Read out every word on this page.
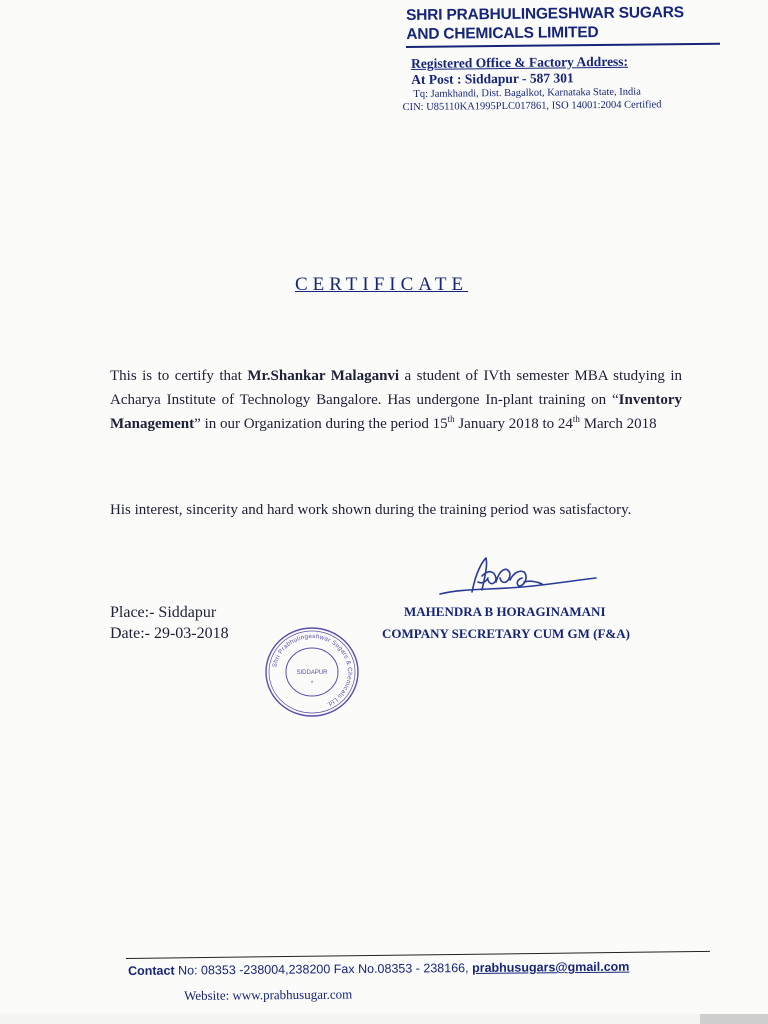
SHRI PRABHULINGESHWAR SUGARS
AND CHEMICALS LIMITED
Registered Office & Factory Address:
At Post : Siddapur - 587 301
Tq: Jamkhandi, Dist. Bagalkot, Karnataka State, India
CIN: U85110KA1995PLC017861, ISO 14001:2004 Certified
CERTIFICATE
This is to certify that Mr.Shankar Malaganvi a student of IVth semester MBA studying in Acharya Institute of Technology Bangalore. Has undergone In-plant training on “Inventory Management” in our Organization during the period 15th January 2018 to 24th March 2018
His interest, sincerity and hard work shown during the training period was satisfactory.
Place:- Siddapur
Date:- 29-03-2018
MAHENDRA B HORAGINAMANI
COMPANY SECRETARY CUM GM (F&A)
Shri Prabhulingeshwar Sugars & Chemicals Ltd.
SIDDAPUR
*
Contact No: 08353 -238004,238200 Fax No.08353 - 238166, prabhusugars@gmail.com
Website: www.prabhusugar.com
